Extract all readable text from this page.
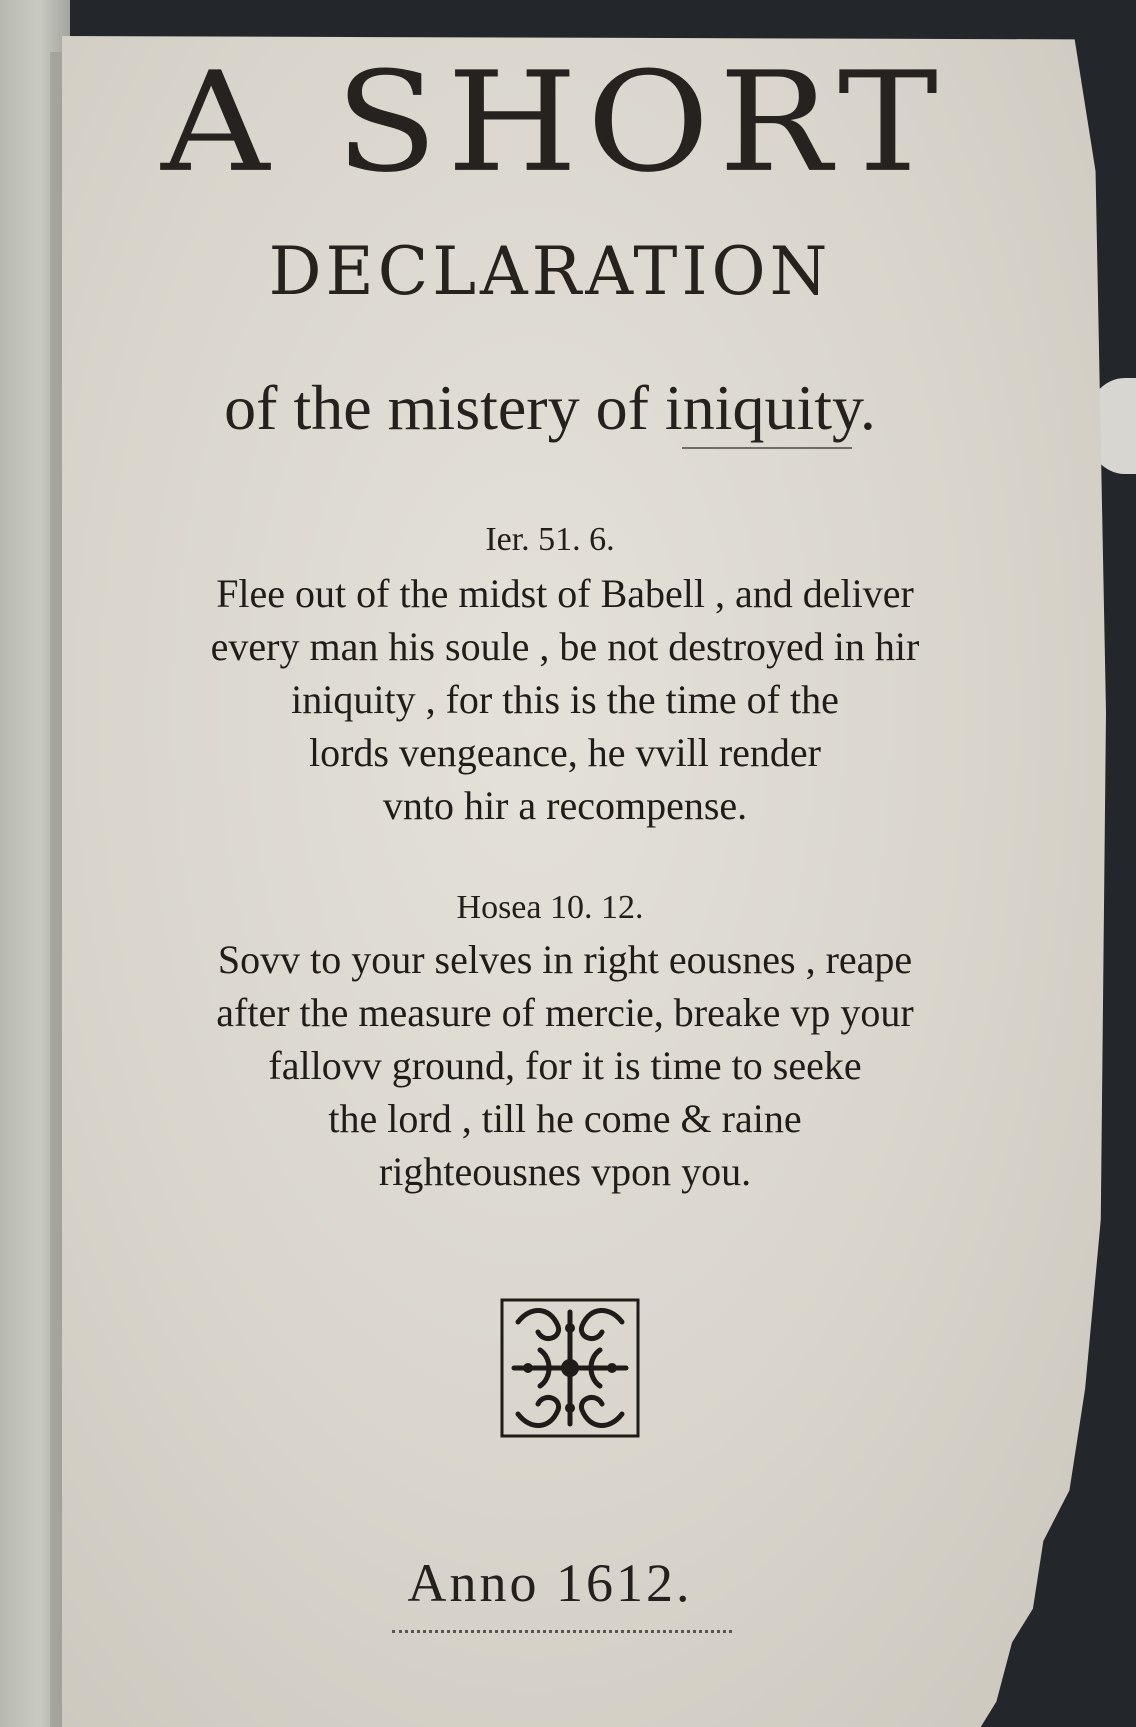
A SHORT
DECLARATION
of the mistery of iniquity.
Ier. 51. 6.
Flee out of the midst of Babell , and deliver
every man his soule , be not destroyed in hir
iniquity , for this is the time of the
lords vengeance, he vvill render
vnto hir a recompense.
Hosea 10. 12.
Sovv to your selves in right eousnes , reape
after the measure of mercie, breake vp your
fallovv ground, for it is time to seeke
the lord , till he come & raine
righteousnes vpon you.
Anno 1612.
